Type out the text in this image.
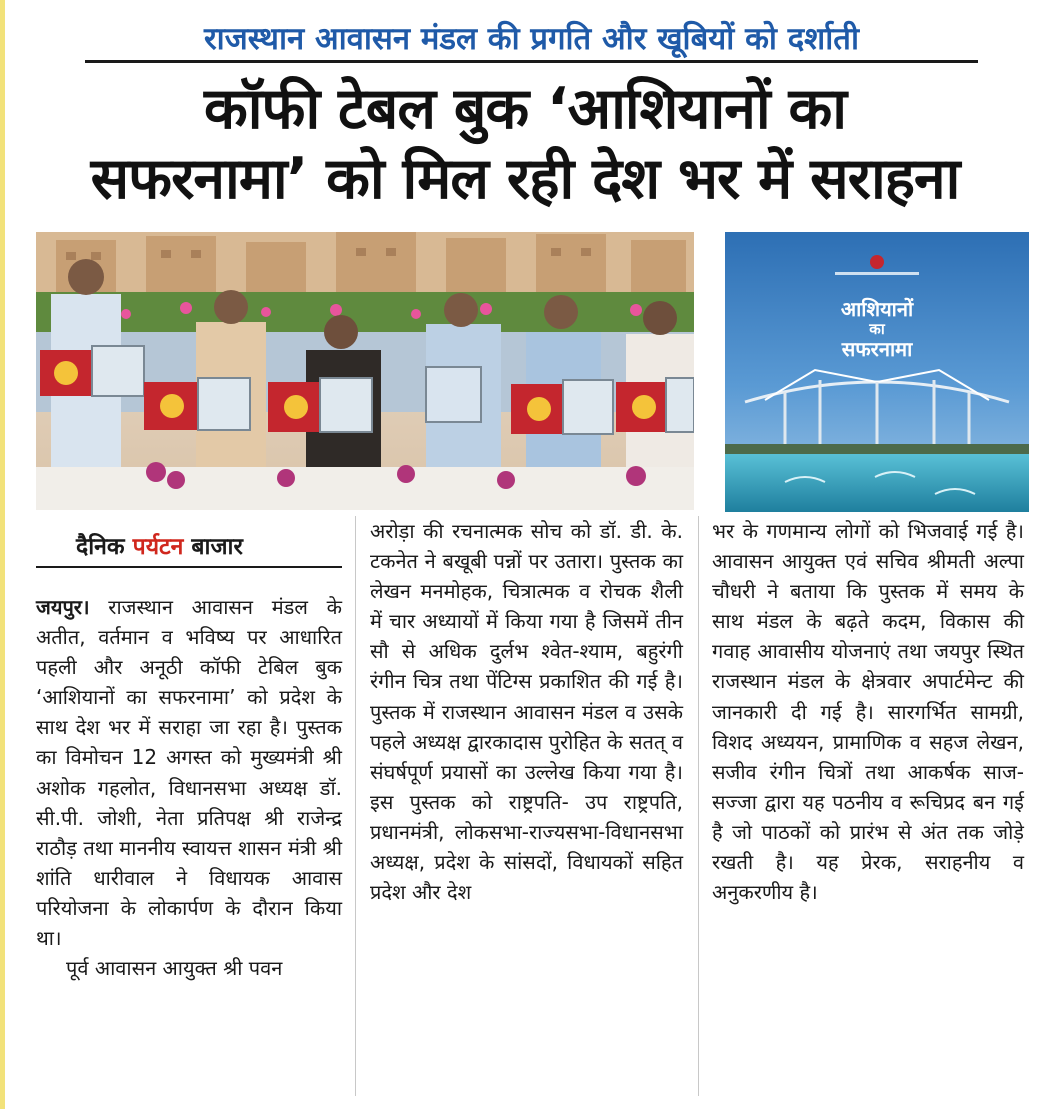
राजस्थान आवासन मंडल की प्रगति और खूबियों को दर्शाती
कॉफी टेबल बुक ‘आशियानों का
सफरनामा’ को मिल रही देश भर में सराहना
आशियानों
का
सफरनामा
दैनिक पर्यटन बाजार

जयपुर। राजस्थान आवासन मंडल के अतीत, वर्तमान व भविष्य पर आधारित पहली और अनूठी कॉफी टेबिल बुक ‘आशियानों का सफरनामा’ को प्रदेश के साथ देश भर में सराहा जा रहा है। पुस्तक का विमोचन 12 अगस्त को मुख्यमंत्री श्री अशोक गहलोत, विधानसभा अध्यक्ष डॉ. सी.पी. जोशी, नेता प्रतिपक्ष श्री राजेन्द्र राठौड़ तथा माननीय स्वायत्त शासन मंत्री श्री शांति धारीवाल ने विधायक आवास परियोजना के लोकार्पण के दौरान किया था।

पूर्व आवासन आयुक्त श्री पवन

अरोड़ा की रचनात्मक सोच को डॉ. डी. के. टकनेत ने बखूबी पन्नों पर उतारा। पुस्तक का लेखन मनमोहक, चित्रात्मक व रोचक शैली में चार अध्यायों में किया गया है जिसमें तीन सौ से अधिक दुर्लभ श्वेत-श्याम, बहुरंगी रंगीन चित्र तथा पेंटिग्स प्रकाशित की गई है। पुस्तक में राजस्थान आवासन मंडल व उसके पहले अध्यक्ष द्वारकादास पुरोहित के सतत् व संघर्षपूर्ण प्रयासों का उल्लेख किया गया है। इस पुस्तक को राष्ट्रपति- उप राष्ट्रपति, प्रधानमंत्री, लोकसभा-राज्यसभा-विधानसभा अध्यक्ष, प्रदेश के सांसदों, विधायकों सहित प्रदेश और देश

भर के गणमान्य लोगों को भिजवाई गई है। आवासन आयुक्त एवं सचिव श्रीमती अल्पा चौधरी ने बताया कि पुस्तक में समय के साथ मंडल के बढ़ते कदम, विकास की गवाह आवासीय योजनाएं तथा जयपुर स्थित राजस्थान मंडल के क्षेत्रवार अपार्टमेन्ट की जानकारी दी गई है। सारगर्भित सामग्री, विशद अध्ययन, प्रामाणिक व सहज लेखन, सजीव रंगीन चित्रों तथा आकर्षक साज-सज्जा द्वारा यह पठनीय व रूचिप्रद बन गई है जो पाठकों को प्रारंभ से अंत तक जोड़े रखती है। यह प्रेरक, सराहनीय व अनुकरणीय है।
